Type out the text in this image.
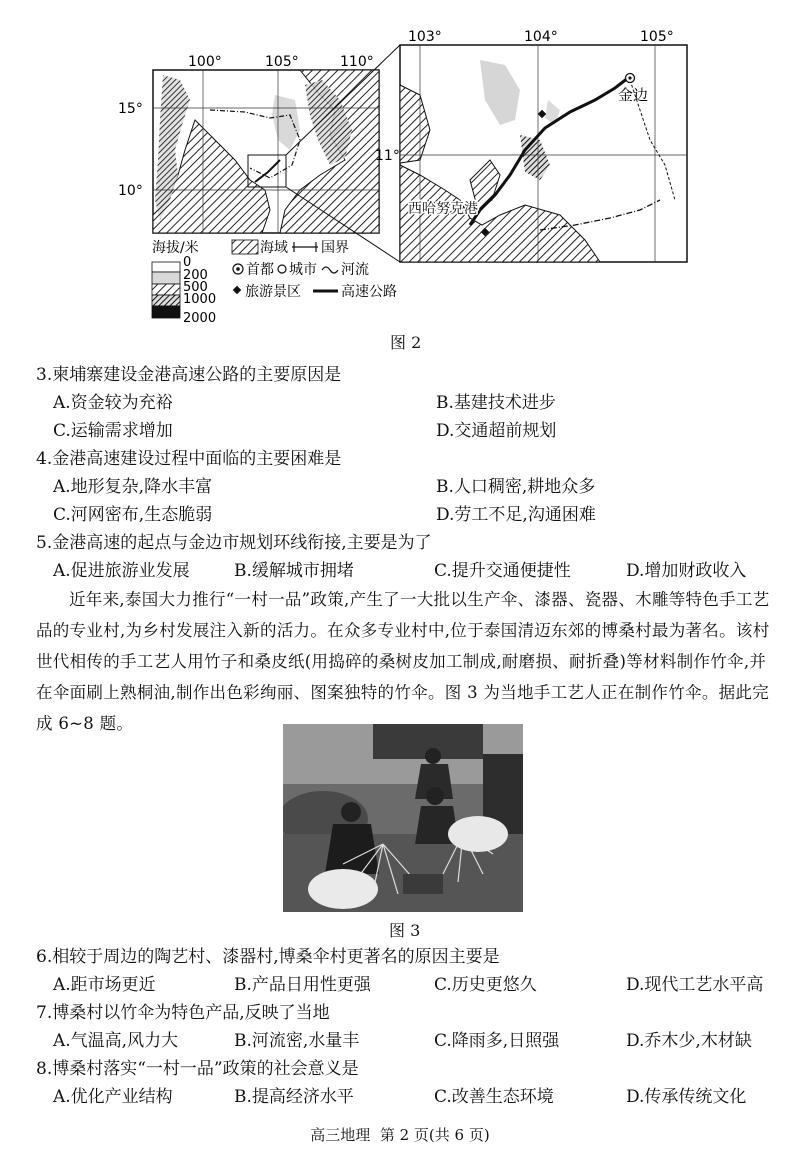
100°	105°	110°
15°
10°
103°	104°	105°
11°
金边
西哈努克港
海拔/米
0
200
500
1000
2000
海域 国界
首都 城市 河流
旅游景区	高速公路
图 2
3.柬埔寨建设金港高速公路的主要原因是
A.资金较为充裕	B.基建技术进步
C.运输需求增加	D.交通超前规划
4.金港高速建设过程中面临的主要困难是
A.地形复杂,降水丰富	B.人口稠密,耕地众多
C.河网密布,生态脆弱	D.劳工不足,沟通困难
5.金港高速的起点与金边市规划环线衔接,主要是为了
A.促进旅游业发展	B.缓解城市拥堵	C.提升交通便捷性	D.增加财政收入
近年来,泰国大力推行“一村一品”政策,产生了一大批以生产伞、漆器、瓷器、木雕等特色手工艺品的专业村,为乡村发展注入新的活力。在众多专业村中,位于泰国清迈东郊的博桑村最为著名。该村世代相传的手工艺人用竹子和桑皮纸(用捣碎的桑树皮加工制成,耐磨损、耐折叠)等材料制作竹伞,并在伞面刷上熟桐油,制作出色彩绚丽、图案独特的竹伞。图 3 为当地手工艺人正在制作竹伞。据此完成 6~8 题。
图 3
6.相较于周边的陶艺村、漆器村,博桑伞村更著名的原因主要是
A.距市场更近	B.产品日用性更强	C.历史更悠久	D.现代工艺水平高
7.博桑村以竹伞为特色产品,反映了当地
A.气温高,风力大	B.河流密,水量丰	C.降雨多,日照强	D.乔木少,木材缺
8.博桑村落实“一村一品”政策的社会意义是
A.优化产业结构	B.提高经济水平	C.改善生态环境	D.传承传统文化
高三地理  第 2 页(共 6 页)
